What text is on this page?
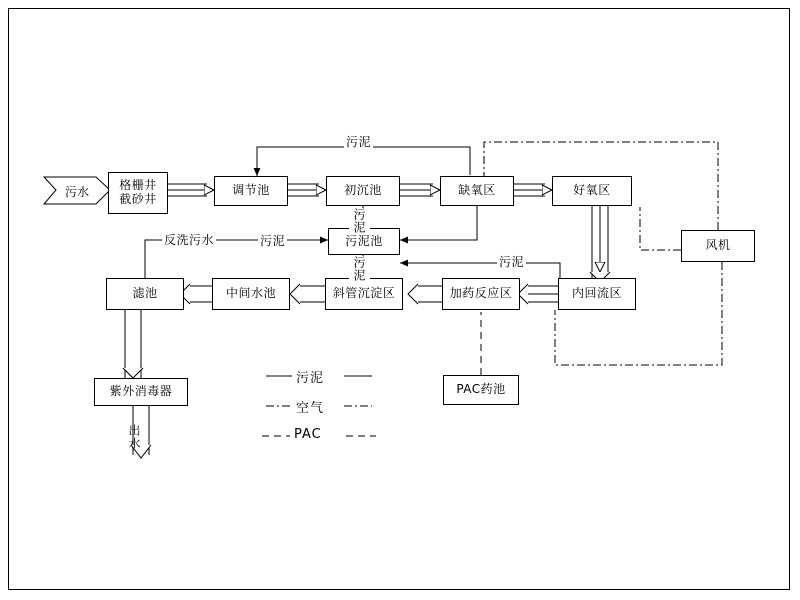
污水	格栅井
截砂井
调节池	初沉池	缺氧区	好氧区
风机
污泥池
内回流区
加药反应区
斜管沉淀区
中间水池
滤池
紫外消毒器	PAC药池
污泥
污泥
污泥
污泥
污泥
反洗污水
出水
污泥
空气
PAC
